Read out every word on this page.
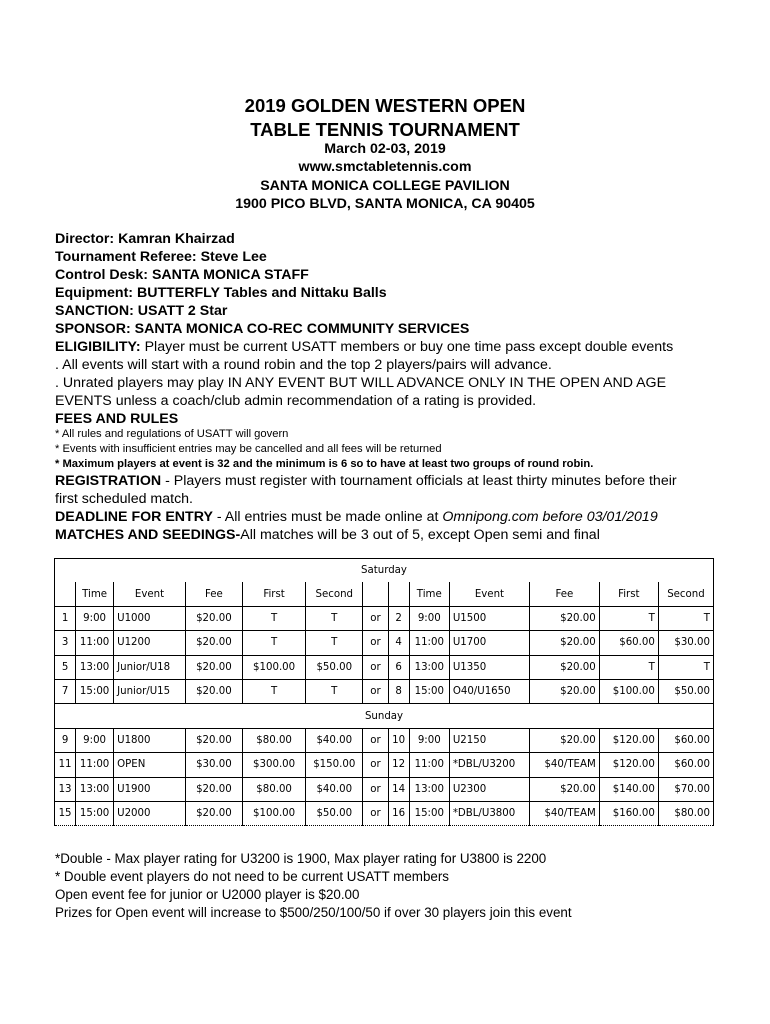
2019 GOLDEN WESTERN OPEN
TABLE TENNIS TOURNAMENT
March 02-03, 2019
www.smctabletennis.com
SANTA MONICA COLLEGE PAVILION
1900 PICO BLVD, SANTA MONICA, CA 90405
Director: Kamran Khairzad
Tournament Referee: Steve Lee
Control Desk: SANTA MONICA STAFF
Equipment: BUTTERFLY Tables and Nittaku Balls
SANCTION: USATT 2 Star
SPONSOR: SANTA MONICA CO-REC COMMUNITY SERVICES
ELIGIBILITY: Player must be current USATT members or buy one time pass except double events
. All events will start with a round robin and the top 2 players/pairs will advance.
. Unrated players may play IN ANY EVENT BUT WILL ADVANCE ONLY IN THE OPEN AND AGE
EVENTS unless a coach/club admin recommendation of a rating is provided.
FEES AND RULES
* All rules and regulations of USATT will govern
* Events with insufficient entries may be cancelled and all fees will be returned
* Maximum players at event is 32 and the minimum is 6 so to have at least two groups of round robin.
REGISTRATION - Players must register with tournament officials at least thirty minutes before their
first scheduled match.
DEADLINE FOR ENTRY - All entries must be made online at Omnipong.com before 03/01/2019
MATCHES AND SEEDINGS-All matches will be 3 out of 5, except Open semi and final
Saturday												
	Time	Event	Fee	First	Second			Time	Event	Fee	First	Second
1	9:00	U1000	$20.00	T	T	or	2	9:00	U1500	$20.00	T	T
3	11:00	U1200	$20.00	T	T	or	4	11:00	U1700	$20.00	$60.00	$30.00
5	13:00	Junior/U18	$20.00	$100.00	$50.00	or	6	13:00	U1350	$20.00	T	T
7	15:00	Junior/U15	$20.00	T	T	or	8	15:00	O40/U1650	$20.00	$100.00	$50.00
Sunday												
9	9:00	U1800	$20.00	$80.00	$40.00	or	10	9:00	U2150	$20.00	$120.00	$60.00
11	11:00	OPEN	$30.00	$300.00	$150.00	or	12	11:00	*DBL/U3200	$40/TEAM	$120.00	$60.00
13	13:00	U1900	$20.00	$80.00	$40.00	or	14	13:00	U2300	$20.00	$140.00	$70.00
15	15:00	U2000	$20.00	$100.00	$50.00	or	16	15:00	*DBL/U3800	$40/TEAM	$160.00	$80.00
*Double - Max player rating for U3200 is 1900, Max player rating for U3800 is 2200
* Double event players do not need to be current USATT members
Open event fee for junior or U2000 player is $20.00
Prizes for Open event will increase to $500/250/100/50 if over 30 players join this event
